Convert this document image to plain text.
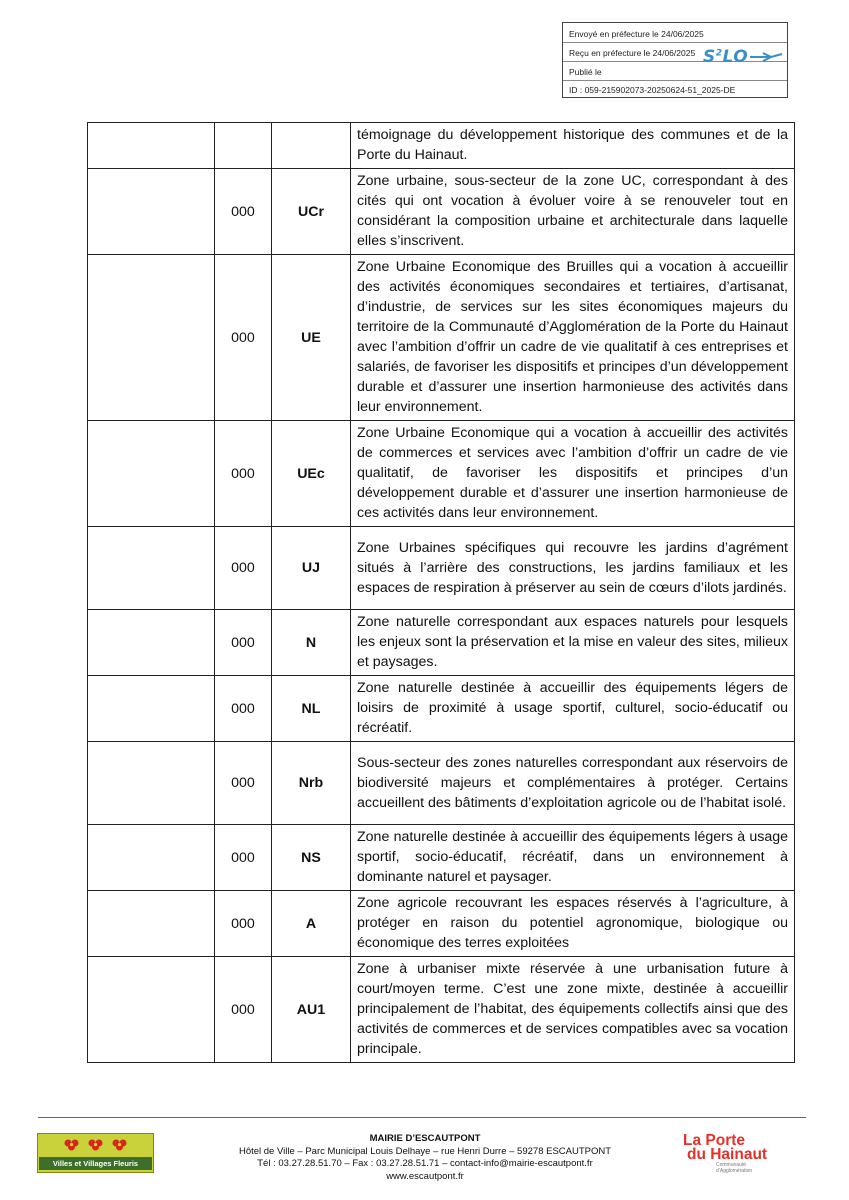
Envoyé en préfecture le 24/06/2025
Reçu en préfecture le 24/06/2025
Publié le
ID : 059-215902073-20250624-51_2025-DE
$S^2LO$
			témoignage du développement historique des communes et de la Porte du Hainaut.
	000	UCr	Zone urbaine, sous-secteur de la zone UC, correspondant à des cités qui ont vocation à évoluer voire à se renouveler tout en considérant la composition urbaine et architecturale dans laquelle elles s’inscrivent.
	000	UE	Zone Urbaine Economique des Bruilles qui a vocation à accueillir des activités économiques secondaires et tertiaires, d’artisanat, d’industrie, de services sur les sites économiques majeurs du territoire de la Communauté d’Agglomération de la Porte du Hainaut avec l’ambition d’offrir un cadre de vie qualitatif à ces entreprises et salariés, de favoriser les dispositifs et principes d’un développement durable et d’assurer une insertion harmonieuse des activités dans leur environnement.
	000	UEc	Zone Urbaine Economique qui a vocation à accueillir des activités de commerces et services avec l’ambition d’offrir un cadre de vie qualitatif, de favoriser les dispositifs et principes d’un développement durable et d’assurer une insertion harmonieuse de ces activités dans leur environnement.
	000	UJ	Zone Urbaines spécifiques qui recouvre les jardins d’agrément situés à l’arrière des constructions, les jardins familiaux et les espaces de respiration à préserver au sein de cœurs d’ilots jardinés.
	000	N	Zone naturelle correspondant aux espaces naturels pour lesquels les enjeux sont la préservation et la mise en valeur des sites, milieux et paysages.
	000	NL	Zone naturelle destinée à accueillir des équipements légers de loisirs de proximité à usage sportif, culturel, socio-éducatif ou récréatif.
	000	Nrb	Sous-secteur des zones naturelles correspondant aux réservoirs de biodiversité majeurs et complémentaires à protéger. Certains accueillent des bâtiments d’exploitation agricole ou de l’habitat isolé.
	000	NS	Zone naturelle destinée à accueillir des équipements légers à usage sportif, socio-éducatif, récréatif, dans un environnement à dominante naturel et paysager.
	000	A	Zone agricole recouvrant les espaces réservés à l’agriculture, à protéger en raison du potentiel agronomique, biologique ou économique des terres exploitées
	000	AU1	Zone à urbaniser mixte réservée à une urbanisation future à court/moyen terme. C’est une zone mixte, destinée à accueillir principalement de l’habitat, des équipements collectifs ainsi que des activités de commerces et de services compatibles avec sa vocation principale.
Villes et Villages Fleuris
MAIRIE D’ESCAUTPONT
Hôtel de Ville – Parc Municipal Louis Delhaye – rue Henri Durre – 59278 ESCAUTPONT
Tél : 03.27.28.51.70 – Fax : 03.27.28.51.71 – contact-info@mairie-escautpont.fr
www.escautpont.fr
La Porte
du Hainaut
Communauté d’Agglomération
